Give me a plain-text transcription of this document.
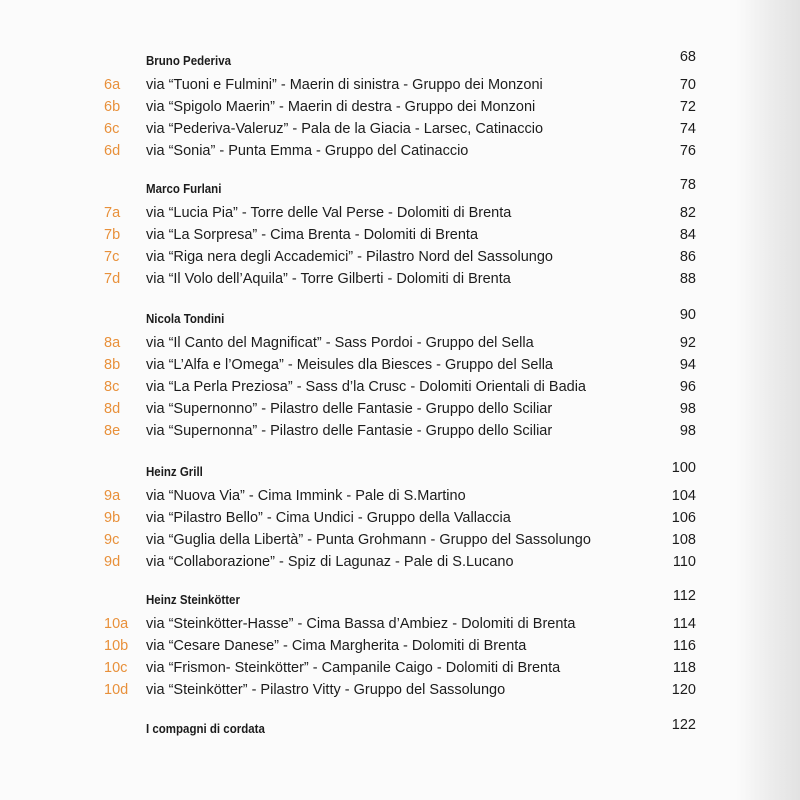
Bruno Pederiva	68
6a	via “Tuoni e Fulmini” - Maerin di sinistra - Gruppo dei Monzoni	70
6b	via “Spigolo Maerin” - Maerin di destra - Gruppo dei Monzoni	72
6c	via “Pederiva-Valeruz” - Pala de la Giacia - Larsec, Catinaccio	74
6d	via “Sonia” - Punta Emma - Gruppo del Catinaccio	76
Marco Furlani	78
7a	via “Lucia Pia” - Torre delle Val Perse - Dolomiti di Brenta	82
7b	via “La Sorpresa” - Cima Brenta - Dolomiti di Brenta	84
7c	via “Riga nera degli Accademici” - Pilastro Nord del Sassolungo	86
7d	via “Il Volo dell’Aquila” - Torre Gilberti - Dolomiti di Brenta	88
Nicola Tondini	90
8a	via “Il Canto del Magnificat” - Sass Pordoi - Gruppo del Sella	92
8b	via “L’Alfa e l’Omega” - Meisules dla Biesces - Gruppo del Sella	94
8c	via “La Perla Preziosa” - Sass d’la Crusc - Dolomiti Orientali di Badia	96
8d	via “Supernonno” - Pilastro delle Fantasie - Gruppo dello Sciliar	98
8e	via “Supernonna” - Pilastro delle Fantasie - Gruppo dello Sciliar	98
Heinz Grill	100
9a	via “Nuova Via” - Cima Immink - Pale di S.Martino	104
9b	via “Pilastro Bello” - Cima Undici - Gruppo della Vallaccia	106
9c	via “Guglia della Libertà” - Punta Grohmann - Gruppo del Sassolungo	108
9d	via “Collaborazione” - Spiz di Lagunaz - Pale di S.Lucano	110
Heinz Steinkötter	112
10a	via “Steinkötter-Hasse” - Cima Bassa d’Ambiez - Dolomiti di Brenta	114
10b	via “Cesare Danese” - Cima Margherita - Dolomiti di Brenta	116
10c	via “Frismon- Steinkötter” - Campanile Caigo - Dolomiti di Brenta	118
10d	via “Steinkötter” - Pilastro Vitty - Gruppo del Sassolungo	120
I compagni di cordata	122
